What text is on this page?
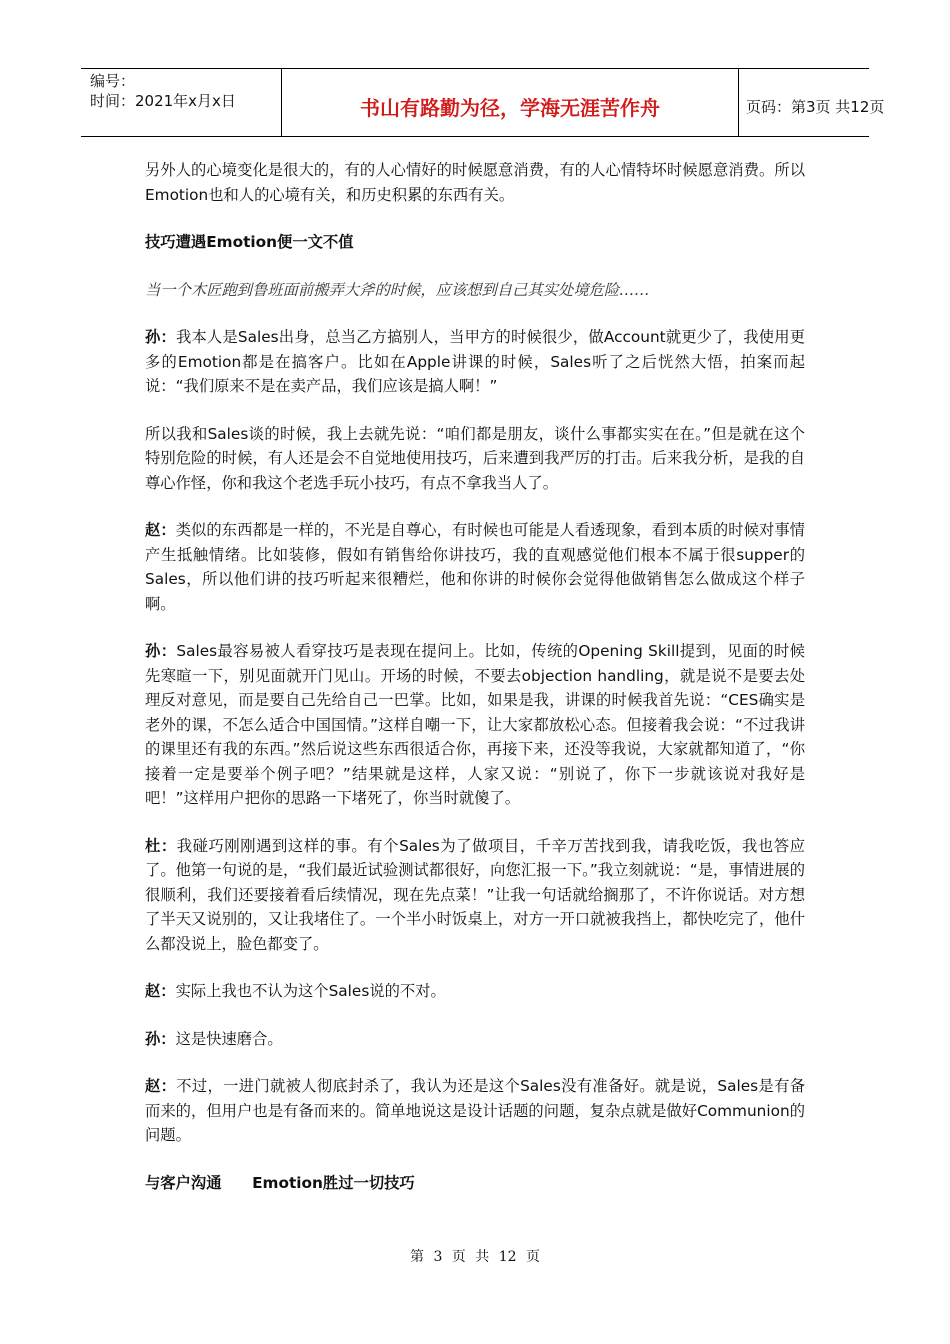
编号：
时间：2021年x月x日	书山有路勤为径，学海无涯苦作舟	页码：第3页 共12页

另外人的心境变化是很大的，有的人心情好的时候愿意消费，有的人心情特坏时候愿意消费。所以Emotion也和人的心境有关，和历史积累的东西有关。

技巧遭遇Emotion便一文不值

当一个木匠跑到鲁班面前搬弄大斧的时候，应该想到自己其实处境危险……

孙：我本人是Sales出身，总当乙方搞别人，当甲方的时候很少，做Account就更少了，我使用更多的Emotion都是在搞客户。比如在Apple讲课的时候，Sales听了之后恍然大悟，拍案而起说：“我们原来不是在卖产品，我们应该是搞人啊！”

所以我和Sales谈的时候，我上去就先说：“咱们都是朋友，谈什么事都实实在在。”但是就在这个特别危险的时候，有人还是会不自觉地使用技巧，后来遭到我严厉的打击。后来我分析，是我的自尊心作怪，你和我这个老选手玩小技巧，有点不拿我当人了。

赵：类似的东西都是一样的，不光是自尊心，有时候也可能是人看透现象，看到本质的时候对事情产生抵触情绪。比如装修，假如有销售给你讲技巧，我的直观感觉他们根本不属于很supper的Sales，所以他们讲的技巧听起来很糟烂，他和你讲的时候你会觉得他做销售怎么做成这个样子啊。

孙：Sales最容易被人看穿技巧是表现在提问上。比如，传统的Opening Skill提到，见面的时候先寒暄一下，别见面就开门见山。开场的时候，不要去objection handling，就是说不是要去处理反对意见，而是要自己先给自己一巴掌。比如，如果是我，讲课的时候我首先说：“CES确实是老外的课，不怎么适合中国国情。”这样自嘲一下，让大家都放松心态。但接着我会说：“不过我讲的课里还有我的东西。”然后说这些东西很适合你，再接下来，还没等我说，大家就都知道了，“你接着一定是要举个例子吧？”结果就是这样，人家又说：“别说了，你下一步就该说对我好是吧！”这样用户把你的思路一下堵死了，你当时就傻了。

杜：我碰巧刚刚遇到这样的事。有个Sales为了做项目，千辛万苦找到我，请我吃饭，我也答应了。他第一句说的是，“我们最近试验测试都很好，向您汇报一下。”我立刻就说：“是，事情进展的很顺利，我们还要接着看后续情况，现在先点菜！”让我一句话就给搁那了，不许你说话。对方想了半天又说别的，又让我堵住了。一个半小时饭桌上，对方一开口就被我挡上，都快吃完了，他什么都没说上，脸色都变了。

赵：实际上我也不认为这个Sales说的不对。

孙：这是快速磨合。

赵：不过，一进门就被人彻底封杀了，我认为还是这个Sales没有准备好。就是说，Sales是有备而来的，但用户也是有备而来的。简单地说这是设计话题的问题，复杂点就是做好Communion的问题。

与客户沟通　　Emotion胜过一切技巧

第 3 页 共 12 页
